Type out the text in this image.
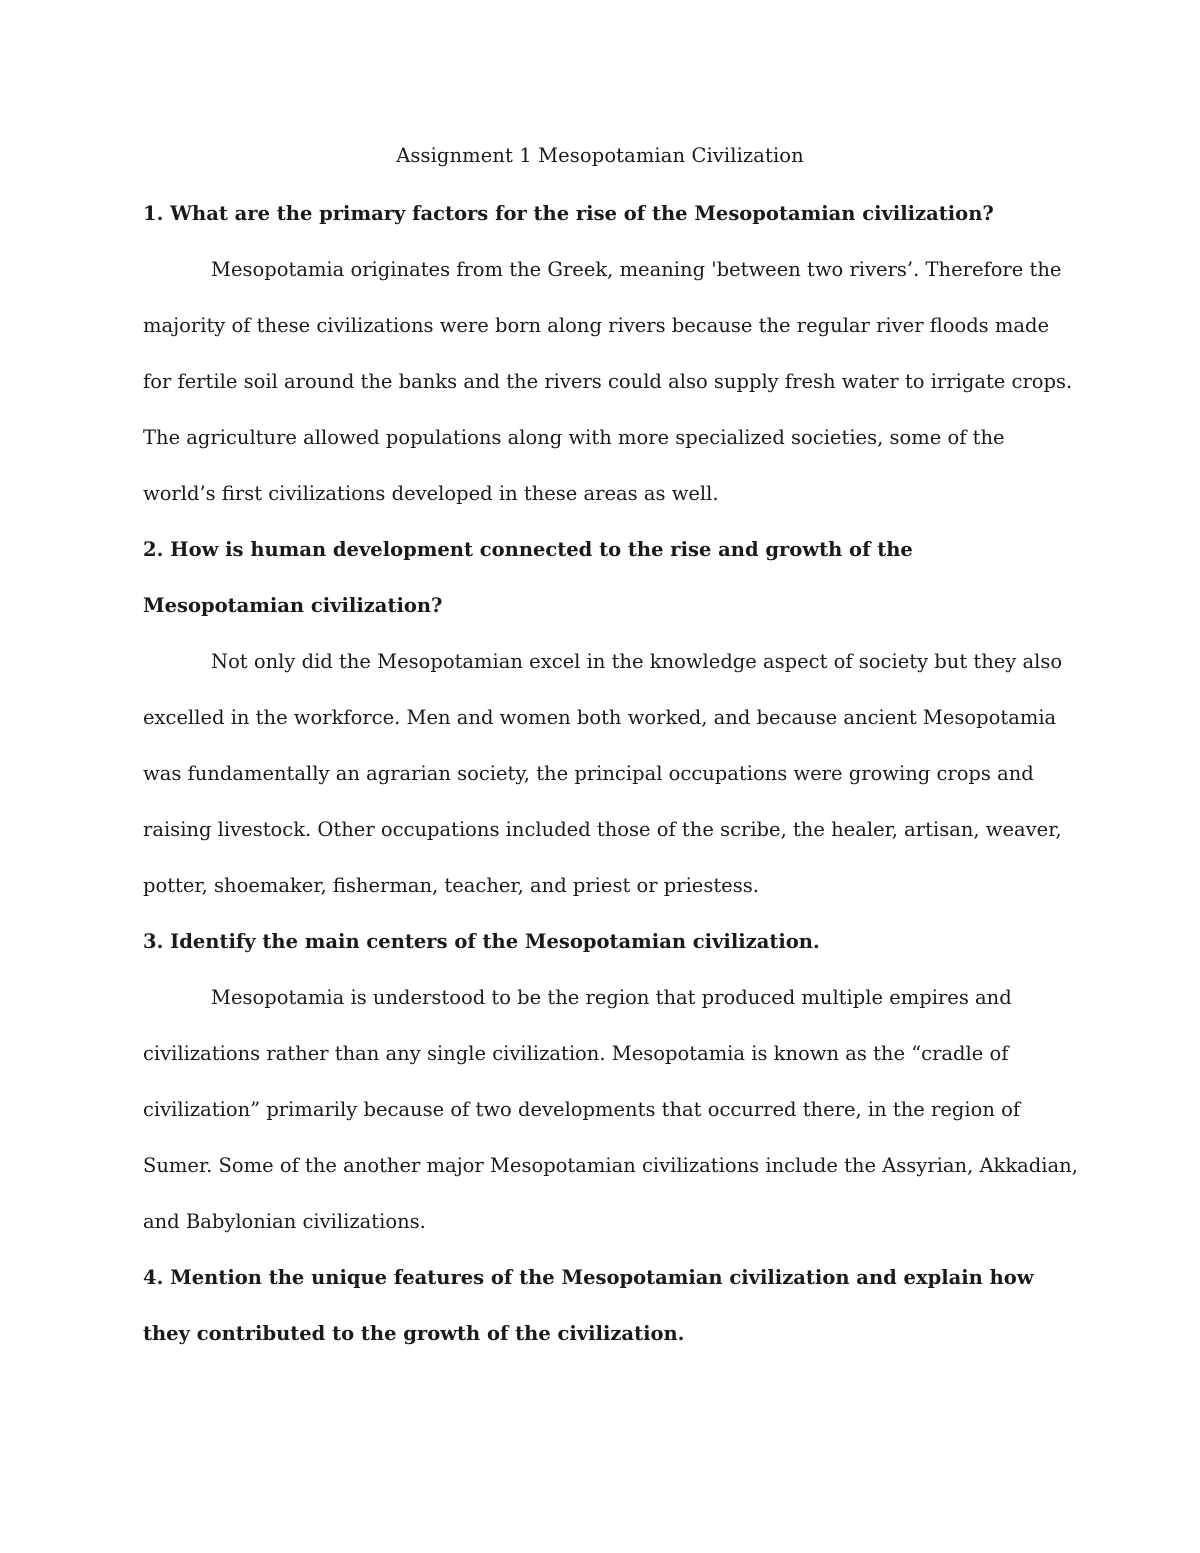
Assignment 1 Mesopotamian Civilization
1. What are the primary factors for the rise of the Mesopotamian civilization?
Mesopotamia originates from the Greek, meaning 'between two rivers’. Therefore the majority of these civilizations were born along rivers because the regular river floods made for fertile soil around the banks and the rivers could also supply fresh water to irrigate crops. The agriculture allowed populations along with more specialized societies, some of the world’s first civilizations developed in these areas as well.
2. How is human development connected to the rise and growth of the Mesopotamian civilization?
Not only did the Mesopotamian excel in the knowledge aspect of society but they also excelled in the workforce. Men and women both worked, and because ancient Mesopotamia was fundamentally an agrarian society, the principal occupations were growing crops and raising livestock. Other occupations included those of the scribe, the healer, artisan, weaver, potter, shoemaker, fisherman, teacher, and priest or priestess.
3. Identify the main centers of the Mesopotamian civilization.
Mesopotamia is understood to be the region that produced multiple empires and civilizations rather than any single civilization. Mesopotamia is known as the “cradle of civilization” primarily because of two developments that occurred there, in the region of Sumer. Some of the another major Mesopotamian civilizations include the Assyrian, Akkadian, and Babylonian civilizations.
4. Mention the unique features of the Mesopotamian civilization and explain how they contributed to the growth of the civilization.
